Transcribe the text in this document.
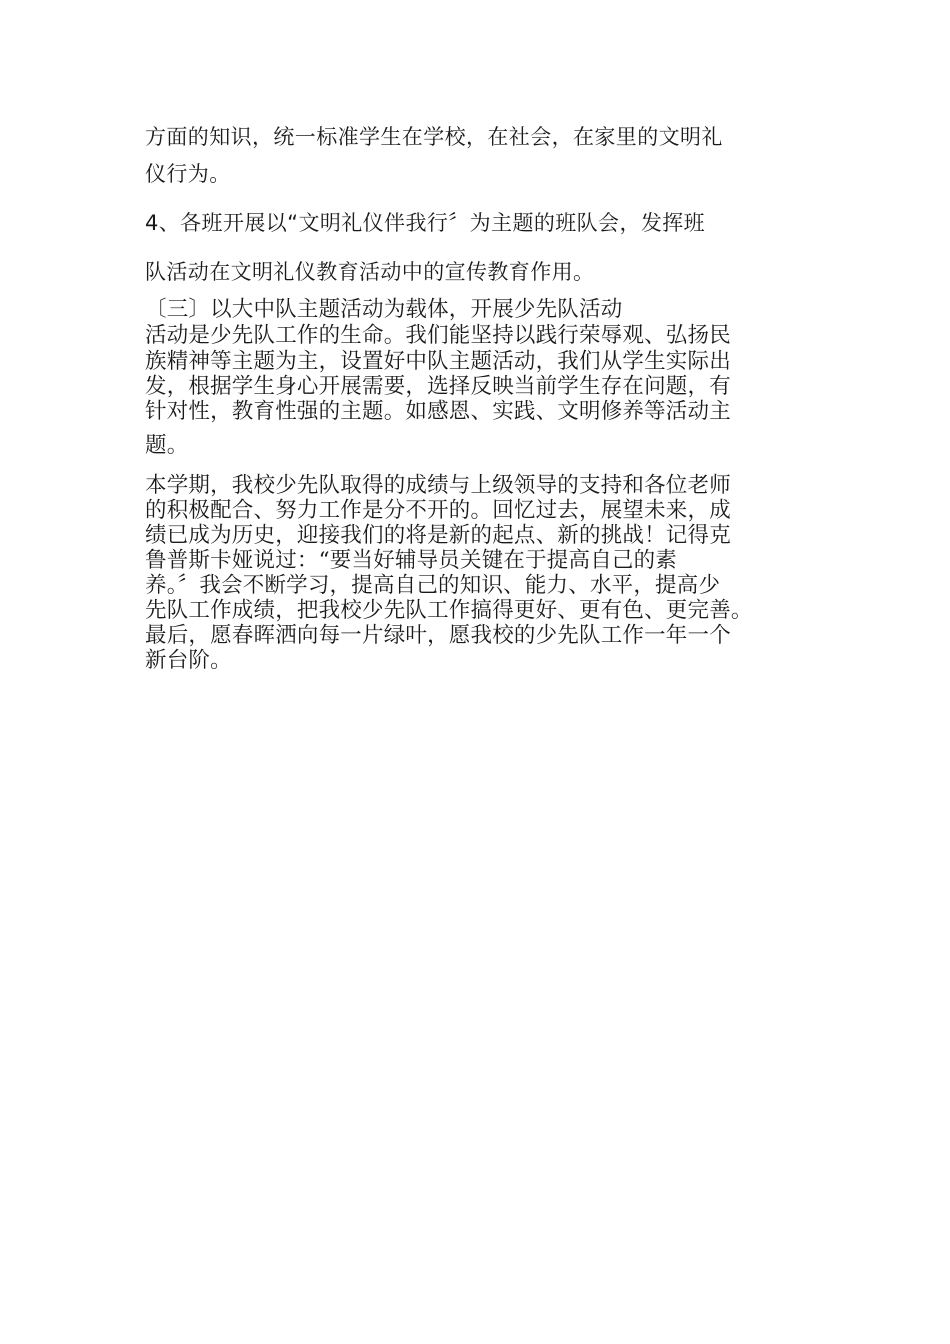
方面的知识，统一标准学生在学校，在社会，在家里的文明礼

仪行为。

4、各班开展以“文明礼仪伴我行〞为主题的班队会，发挥班

队活动在文明礼仪教育活动中的宣传教育作用。

〔三〕以大中队主题活动为载体，开展少先队活动

活动是少先队工作的生命。我们能坚持以践行荣辱观、弘扬民

族精神等主题为主，设置好中队主题活动，我们从学生实际出

发，根据学生身心开展需要，选择反映当前学生存在问题，有

针对性，教育性强的主题。如感恩、实践、文明修养等活动主

题。

本学期，我校少先队取得的成绩与上级领导的支持和各位老师

的积极配合、努力工作是分不开的。回忆过去，展望未来，成

绩已成为历史，迎接我们的将是新的起点、新的挑战！记得克

鲁普斯卡娅说过：“要当好辅导员关键在于提高自己的素

养。〞我会不断学习，提高自己的知识、能力、水平，提高少

先队工作成绩，把我校少先队工作搞得更好、更有色、更完善。

最后，愿春晖洒向每一片绿叶，愿我校的少先队工作一年一个

新台阶。
